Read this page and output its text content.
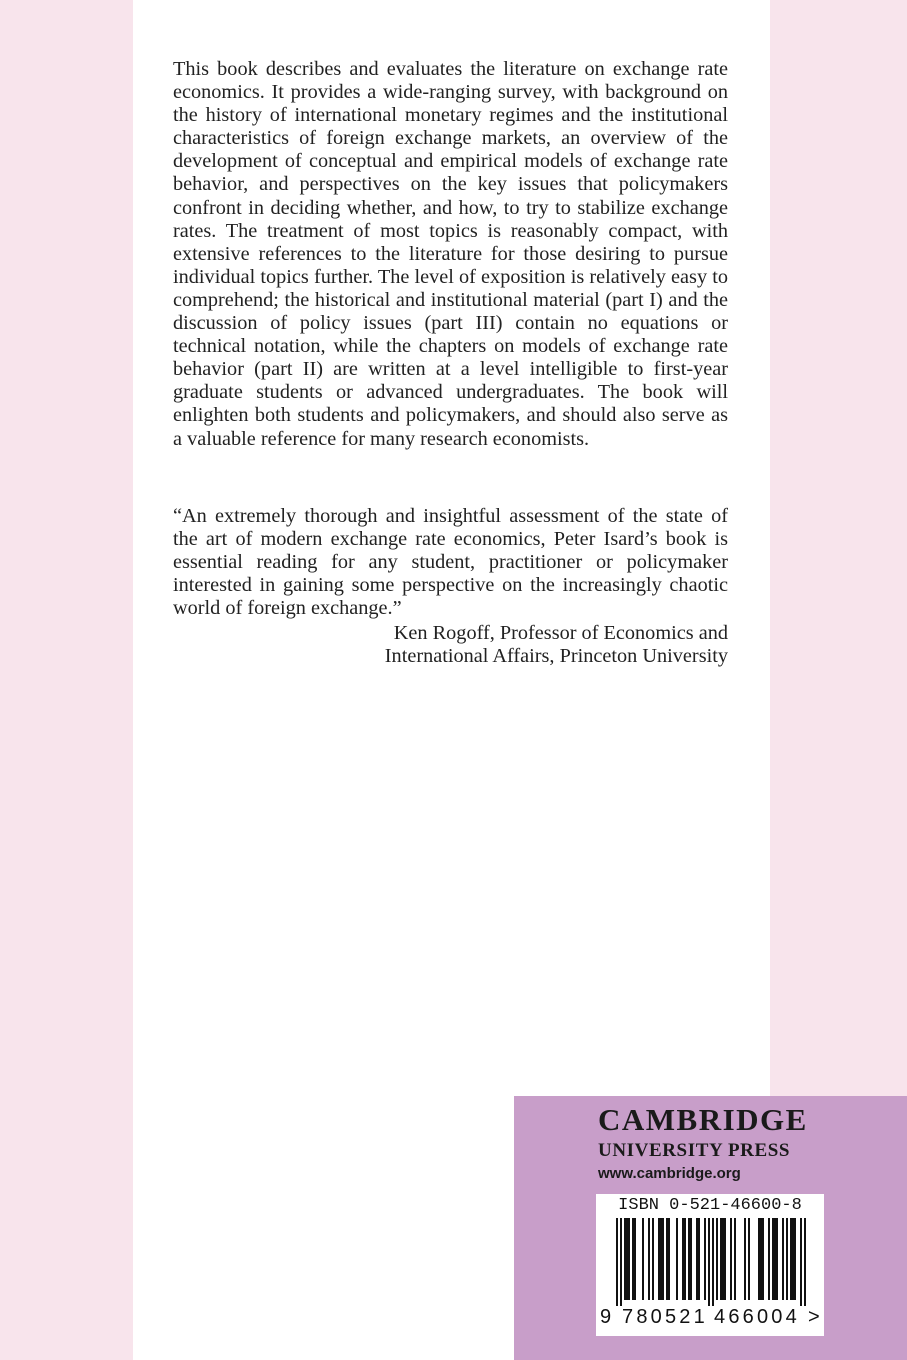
This book describes and evaluates the literature on exchange rate economics. It provides a wide-ranging survey, with background on the history of international monetary regimes and the institutional characteristics of foreign exchange markets, an overview of the development of conceptual and empirical models of exchange rate behavior, and perspectives on the key issues that policymakers confront in deciding whether, and how, to try to stabilize exchange rates. The treatment of most topics is reasonably compact, with extensive references to the literature for those desiring to pursue individual topics further. The level of exposition is relatively easy to comprehend; the historical and institutional material (part I) and the discussion of policy issues (part III) contain no equations or technical notation, while the chapters on models of exchange rate behavior (part II) are written at a level intelligible to first-year graduate students or advanced undergraduates. The book will enlighten both students and policymakers, and should also serve as a valuable reference for many research economists.

“An extremely thorough and insightful assessment of the state of the art of modern exchange rate economics, Peter Isard’s book is essential reading for any student, practitioner or policymaker interested in gaining some perspective on the increasingly chaotic world of foreign exchange.”

Ken Rogoff, Professor of Economics and
International Affairs, Princeton University
CAMBRIDGE
UNIVERSITY PRESS
www.cambridge.org
ISBN 0-521-46600-8
9 780521 466004 >
